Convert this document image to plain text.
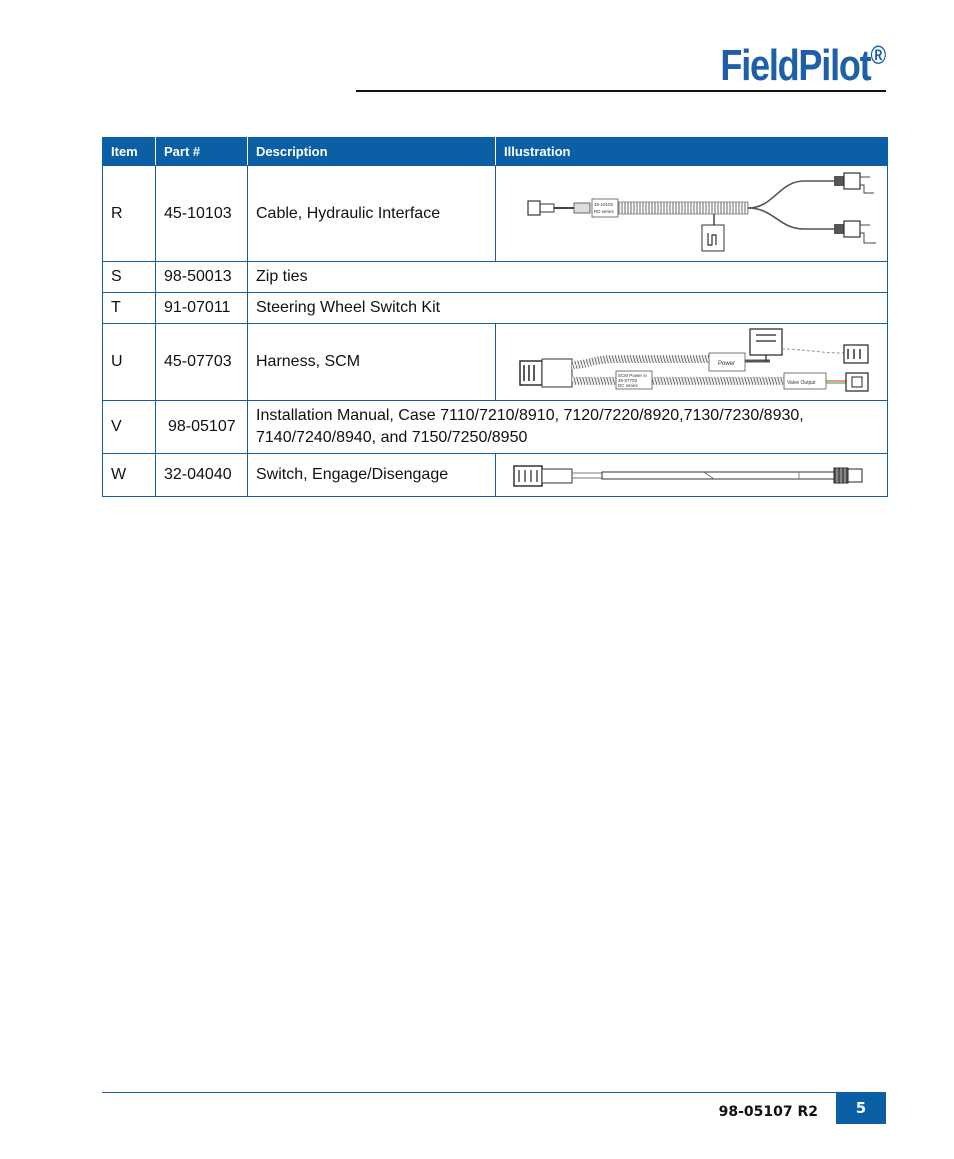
FieldPilot®
Item	Part #	Description	Illustration
R	45-10103	Cable, Hydraulic Interface	45-10103
RD series

S	98-50013	Zip ties	
T	91-07011	Steering Wheel Switch Kit	
U	45-07703	Harness, SCM	SCM Power In
45-07703
DC series
Power
Valve Output

V	98-05107	Installation Manual, Case 7110/7210/8910, 7120/7220/8920,7130/7230/8930, 7140/7240/8940, and 7150/7250/8950	
W	32-04040	Switch, Engage/Disengage	
98-05107 R2	5
